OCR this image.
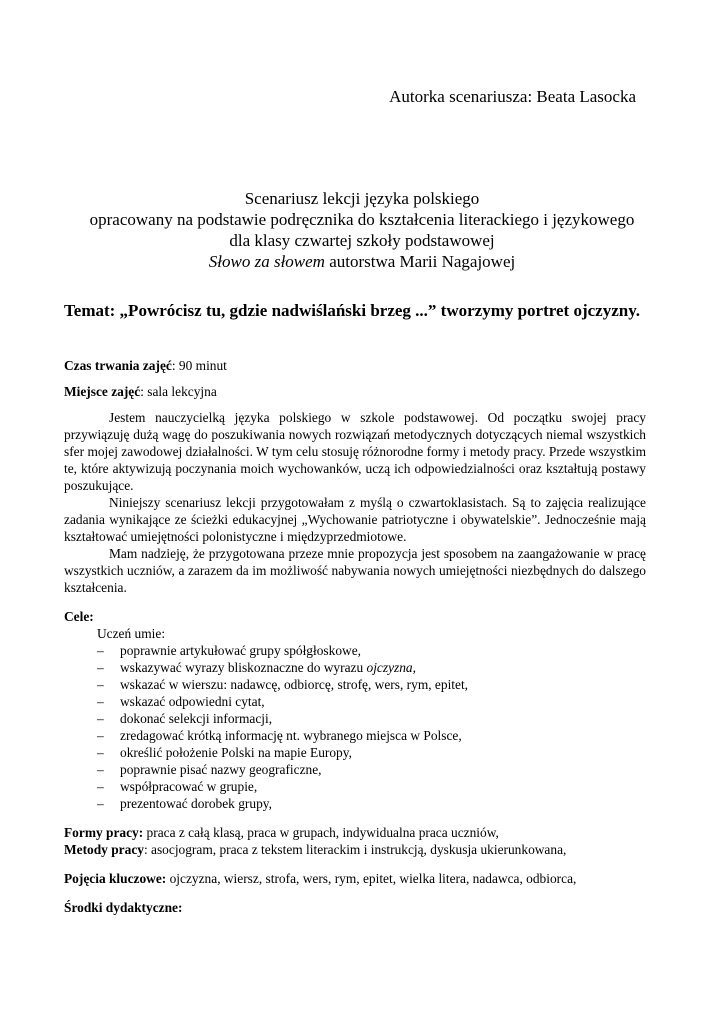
Autorka scenariusza: Beata Lasocka
Scenariusz lekcji języka polskiego
opracowany na podstawie podręcznika do kształcenia literackiego i językowego
dla klasy czwartej szkoły podstawowej
Słowo za słowem autorstwa Marii Nagajowej
Temat: „Powrócisz tu, gdzie nadwiślański brzeg ...” tworzymy portret ojczyzny.
Czas trwania zajęć: 90 minut
Miejsce zajęć: sala lekcyjna

Jestem nauczycielką języka polskiego w szkole podstawowej. Od początku swojej pracy przywiązuję dużą wagę do poszukiwania nowych rozwiązań metodycznych dotyczących niemal wszystkich sfer mojej zawodowej działalności. W tym celu stosuję różnorodne formy i metody pracy. Przede wszystkim te, które aktywizują poczynania moich wychowanków, uczą ich odpowiedzialności oraz kształtują postawy poszukujące.

Niniejszy scenariusz lekcji przygotowałam z myślą o czwartoklasistach. Są to zajęcia realizujące zadania wynikające ze ścieżki edukacyjnej „Wychowanie patriotyczne i obywatelskie”. Jednocześnie mają kształtować umiejętności polonistyczne i międzyprzedmiotowe.

Mam nadzieję, że przygotowana przeze mnie propozycja jest sposobem na zaangażowanie w pracę wszystkich uczniów, a zarazem da im możliwość nabywania nowych umiejętności niezbędnych do dalszego kształcenia.

Cele:
Uczeń umie:
– poprawnie artykułować grupy spółgłoskowe,
– wskazywać wyrazy bliskoznaczne do wyrazu ojczyzna,
– wskazać w wierszu: nadawcę, odbiorcę, strofę, wers, rym, epitet,
– wskazać odpowiedni cytat,
– dokonać selekcji informacji,
– zredagować krótką informację nt. wybranego miejsca w Polsce,
– określić położenie Polski na mapie Europy,
– poprawnie pisać nazwy geograficzne,
– współpracować w grupie,
– prezentować dorobek grupy,
Formy pracy: praca z całą klasą, praca w grupach, indywidualna praca uczniów,
Metody pracy: asocjogram, praca z tekstem literackim i instrukcją, dyskusja ukierunkowana,
Pojęcia kluczowe: ojczyzna, wiersz, strofa, wers, rym, epitet, wielka litera, nadawca, odbiorca,
Środki dydaktyczne:
